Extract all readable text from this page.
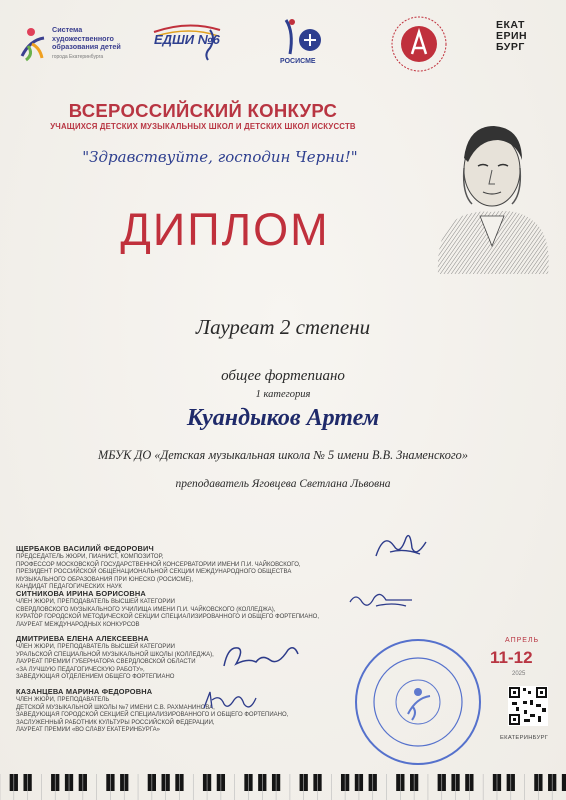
Система
художественного
образования детей
города Екатеринбурга
ЕДШИ №6
РОСИСМЕ
ЕКАТ
ЕРИН
БУРГ
ВСЕРОССИЙСКИЙ КОНКУРС
УЧАЩИХСЯ ДЕТСКИХ МУЗЫКАЛЬНЫХ ШКОЛ И ДЕТСКИХ ШКОЛ ИСКУССТВ
"Здравствуйте, господин Черни!"
ДИПЛОМ
Лауреат 2 степени
общее фортепиано
1 категория
Куандыков Артем
МБУК ДО «Детская музыкальная школа № 5 имени В.В. Знаменского»
преподаватель Яговцева Светлана Львовна
ЩЕРБАКОВ ВАСИЛИЙ ФЕДОРОВИЧ
ПРЕДСЕДАТЕЛЬ ЖЮРИ, ПИАНИСТ, КОМПОЗИТОР,
ПРОФЕССОР МОСКОВСКОЙ ГОСУДАРСТВЕННОЙ КОНСЕРВАТОРИИ ИМЕНИ П.И. ЧАЙКОВСКОГО,
ПРЕЗИДЕНТ РОССИЙСКОЙ ОБЩЕНАЦИОНАЛЬНОЙ СЕКЦИИ МЕЖДУНАРОДНОГО ОБЩЕСТВА
МУЗЫКАЛЬНОГО ОБРАЗОВАНИЯ ПРИ ЮНЕСКО (РОСИСМЕ),
КАНДИДАТ ПЕДАГОГИЧЕСКИХ НАУК
СИТНИКОВА ИРИНА БОРИСОВНА
ЧЛЕН ЖЮРИ, ПРЕПОДАВАТЕЛЬ ВЫСШЕЙ КАТЕГОРИИ
СВЕРДЛОВСКОГО МУЗЫКАЛЬНОГО УЧИЛИЩА ИМЕНИ П.И. ЧАЙКОВСКОГО (КОЛЛЕДЖА),
КУРАТОР ГОРОДСКОЙ МЕТОДИЧЕСКОЙ СЕКЦИИ СПЕЦИАЛИЗИРОВАННОГО И ОБЩЕГО ФОРТЕПИАНО,
ЛАУРЕАТ МЕЖДУНАРОДНЫХ КОНКУРСОВ
ДМИТРИЕВА ЕЛЕНА АЛЕКСЕЕВНА
ЧЛЕН ЖЮРИ, ПРЕПОДАВАТЕЛЬ ВЫСШЕЙ КАТЕГОРИИ
УРАЛЬСКОЙ СПЕЦИАЛЬНОЙ МУЗЫКАЛЬНОЙ ШКОЛЫ (КОЛЛЕДЖА),
ЛАУРЕАТ ПРЕМИИ ГУБЕРНАТОРА СВЕРДЛОВСКОЙ ОБЛАСТИ
«ЗА ЛУЧШУЮ ПЕДАГОГИЧЕСКУЮ РАБОТУ»,
ЗАВЕДУЮЩАЯ ОТДЕЛЕНИЕМ ОБЩЕГО ФОРТЕПИАНО
КАЗАНЦЕВА МАРИНА ФЕДОРОВНА
ЧЛЕН ЖЮРИ, ПРЕПОДАВАТЕЛЬ
ДЕТСКОЙ МУЗЫКАЛЬНОЙ ШКОЛЫ №7 ИМЕНИ С.В. РАХМАНИНОВА,
ЗАВЕДУЮЩАЯ ГОРОДСКОЙ СЕКЦИЕЙ СПЕЦИАЛИЗИРОВАННОГО И ОБЩЕГО ФОРТЕПИАНО,
ЗАСЛУЖЕННЫЙ РАБОТНИК КУЛЬТУРЫ РОССИЙСКОЙ ФЕДЕРАЦИИ,
ЛАУРЕАТ ПРЕМИИ «ВО СЛАВУ ЕКАТЕРИНБУРГА»
АПРЕЛЬ
11-12
2025
ЕКАТЕРИНБУРГ
